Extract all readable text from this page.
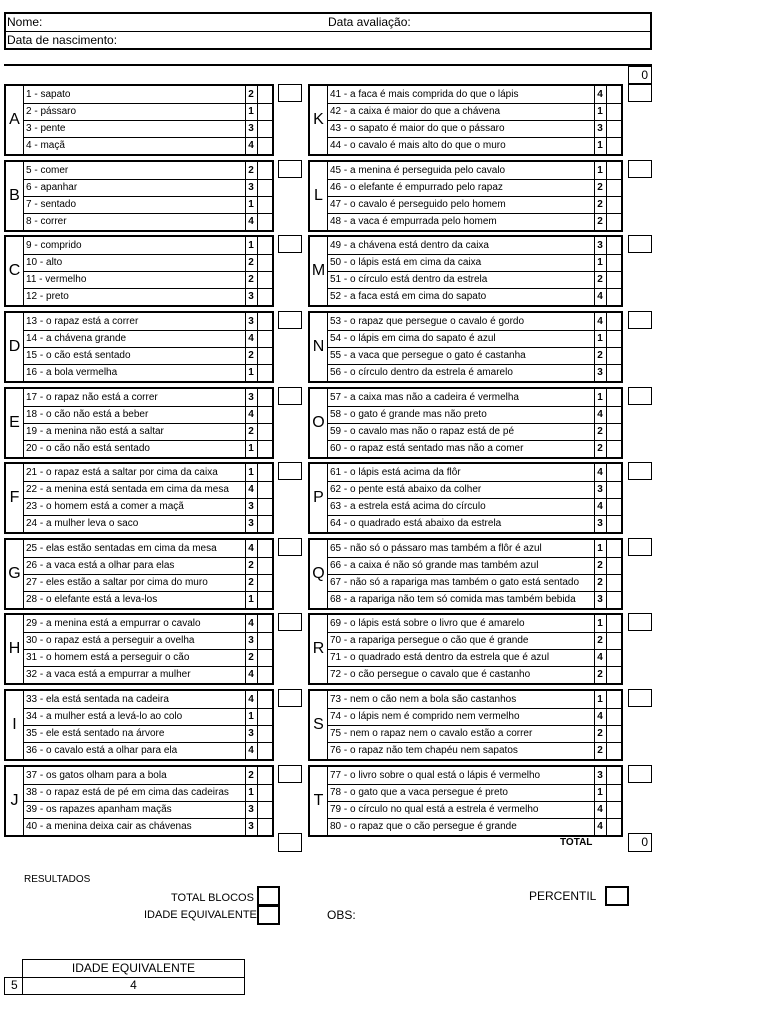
Nome:	Data avaliação:
Data de nascimento:
0
A
1 - sapato	2
2 - pássaro	1
3 - pente	3
4 - maçã	4
B
5 - comer	2
6 - apanhar	3
7 - sentado	1
8 - correr	4
C
9 - comprido	1
10 - alto	2
11 - vermelho	2
12 - preto	3
D
13 - o rapaz está a correr	3
14 - a chávena grande	4
15 - o cão está sentado	2
16 - a bola vermelha	1
E
17 - o rapaz não está a correr	3
18 - o cão não está a beber	4
19 - a menina não está a saltar	2
20 - o cão não está sentado	1
F
21 - o rapaz está a saltar por cima da caixa	1
22 - a menina está sentada em cima da mesa	4
23 - o homem está a comer a maçã	3
24 - a mulher leva o saco	3
G
25 - elas estão sentadas em cima da mesa	4
26 - a vaca está a olhar para elas	2
27 - eles estão a saltar por cima do muro	2
28 - o elefante está a leva-los	1
H
29 - a menina está a empurrar o cavalo	4
30 - o rapaz está a perseguir a ovelha	3
31 - o homem está a perseguir o cão	2
32 - a vaca está a empurrar a mulher	4
I
33 - ela está sentada na cadeira	4
34 - a mulher está a levá-lo ao colo	1
35 - ele está sentado na árvore	3
36 - o cavalo está a olhar para ela	4
J
37 - os gatos olham para a bola	2
38 - o rapaz está de pé em cima das cadeiras	1
39 - os rapazes apanham maçãs	3
40 - a menina deixa cair as chávenas	3
K
41 - a faca é mais comprida do que o lápis	4
42 - a caixa é maior do que a chávena	1
43 - o sapato é maior do que o pássaro	3
44 - o cavalo é mais alto do que o muro	1
L
45 - a menina é perseguida pelo cavalo	1
46 - o elefante é empurrado pelo rapaz	2
47 - o cavalo é perseguido pelo homem	2
48 - a vaca é empurrada pelo homem	2
M
49 - a chávena está dentro da caixa	3
50 - o lápis está em cima da caixa	1
51 - o círculo está dentro da estrela	2
52 - a faca está em cima do sapato	4
N
53 - o rapaz que persegue o cavalo é gordo	4
54 - o lápis em cima do sapato é azul	1
55 - a vaca que persegue o gato é castanha	2
56 - o círculo dentro da estrela é amarelo	3
O
57 - a caixa mas não a cadeira é vermelha	1
58 - o gato é grande mas não preto	4
59 - o cavalo mas não o rapaz está de pé	2
60 - o rapaz está sentado mas não a comer	2
P
61 - o lápis está acima da flôr	4
62 - o pente está abaixo da colher	3
63 - a estrela está acima do círculo	4
64 - o quadrado está abaixo da estrela	3
Q
65 - não só o pássaro mas também a flôr é azul	1
66 - a caixa é não só grande mas também azul	2
67 - não só a rapariga mas também o gato está sentado	2
68 - a rapariga não tem só comida mas também bebida	3
R
69 - o lápis está sobre o livro que é amarelo	1
70 - a rapariga persegue o cão que é grande	2
71 - o quadrado está dentro da estrela que é azul	4
72 - o cão persegue o cavalo que é castanho	2
S
73 - nem o cão nem a bola são castanhos	1
74 - o lápis nem é comprido nem vermelho	4
75 - nem o rapaz nem o cavalo estão a correr	2
76 - o rapaz não tem chapéu nem sapatos	2
T
77 - o livro sobre o qual está o lápis é vermelho	3
78 - o gato que a vaca persegue é preto	1
79 - o círculo no qual está a estrela é vermelho	4
80 - o rapaz que o cão persegue é grande	4
TOTAL	0
RESULTADOS
TOTAL BLOCOS
IDADE EQUIVALENTE	OBS:
PERCENTIL
IDADE EQUIVALENTE
5	4
